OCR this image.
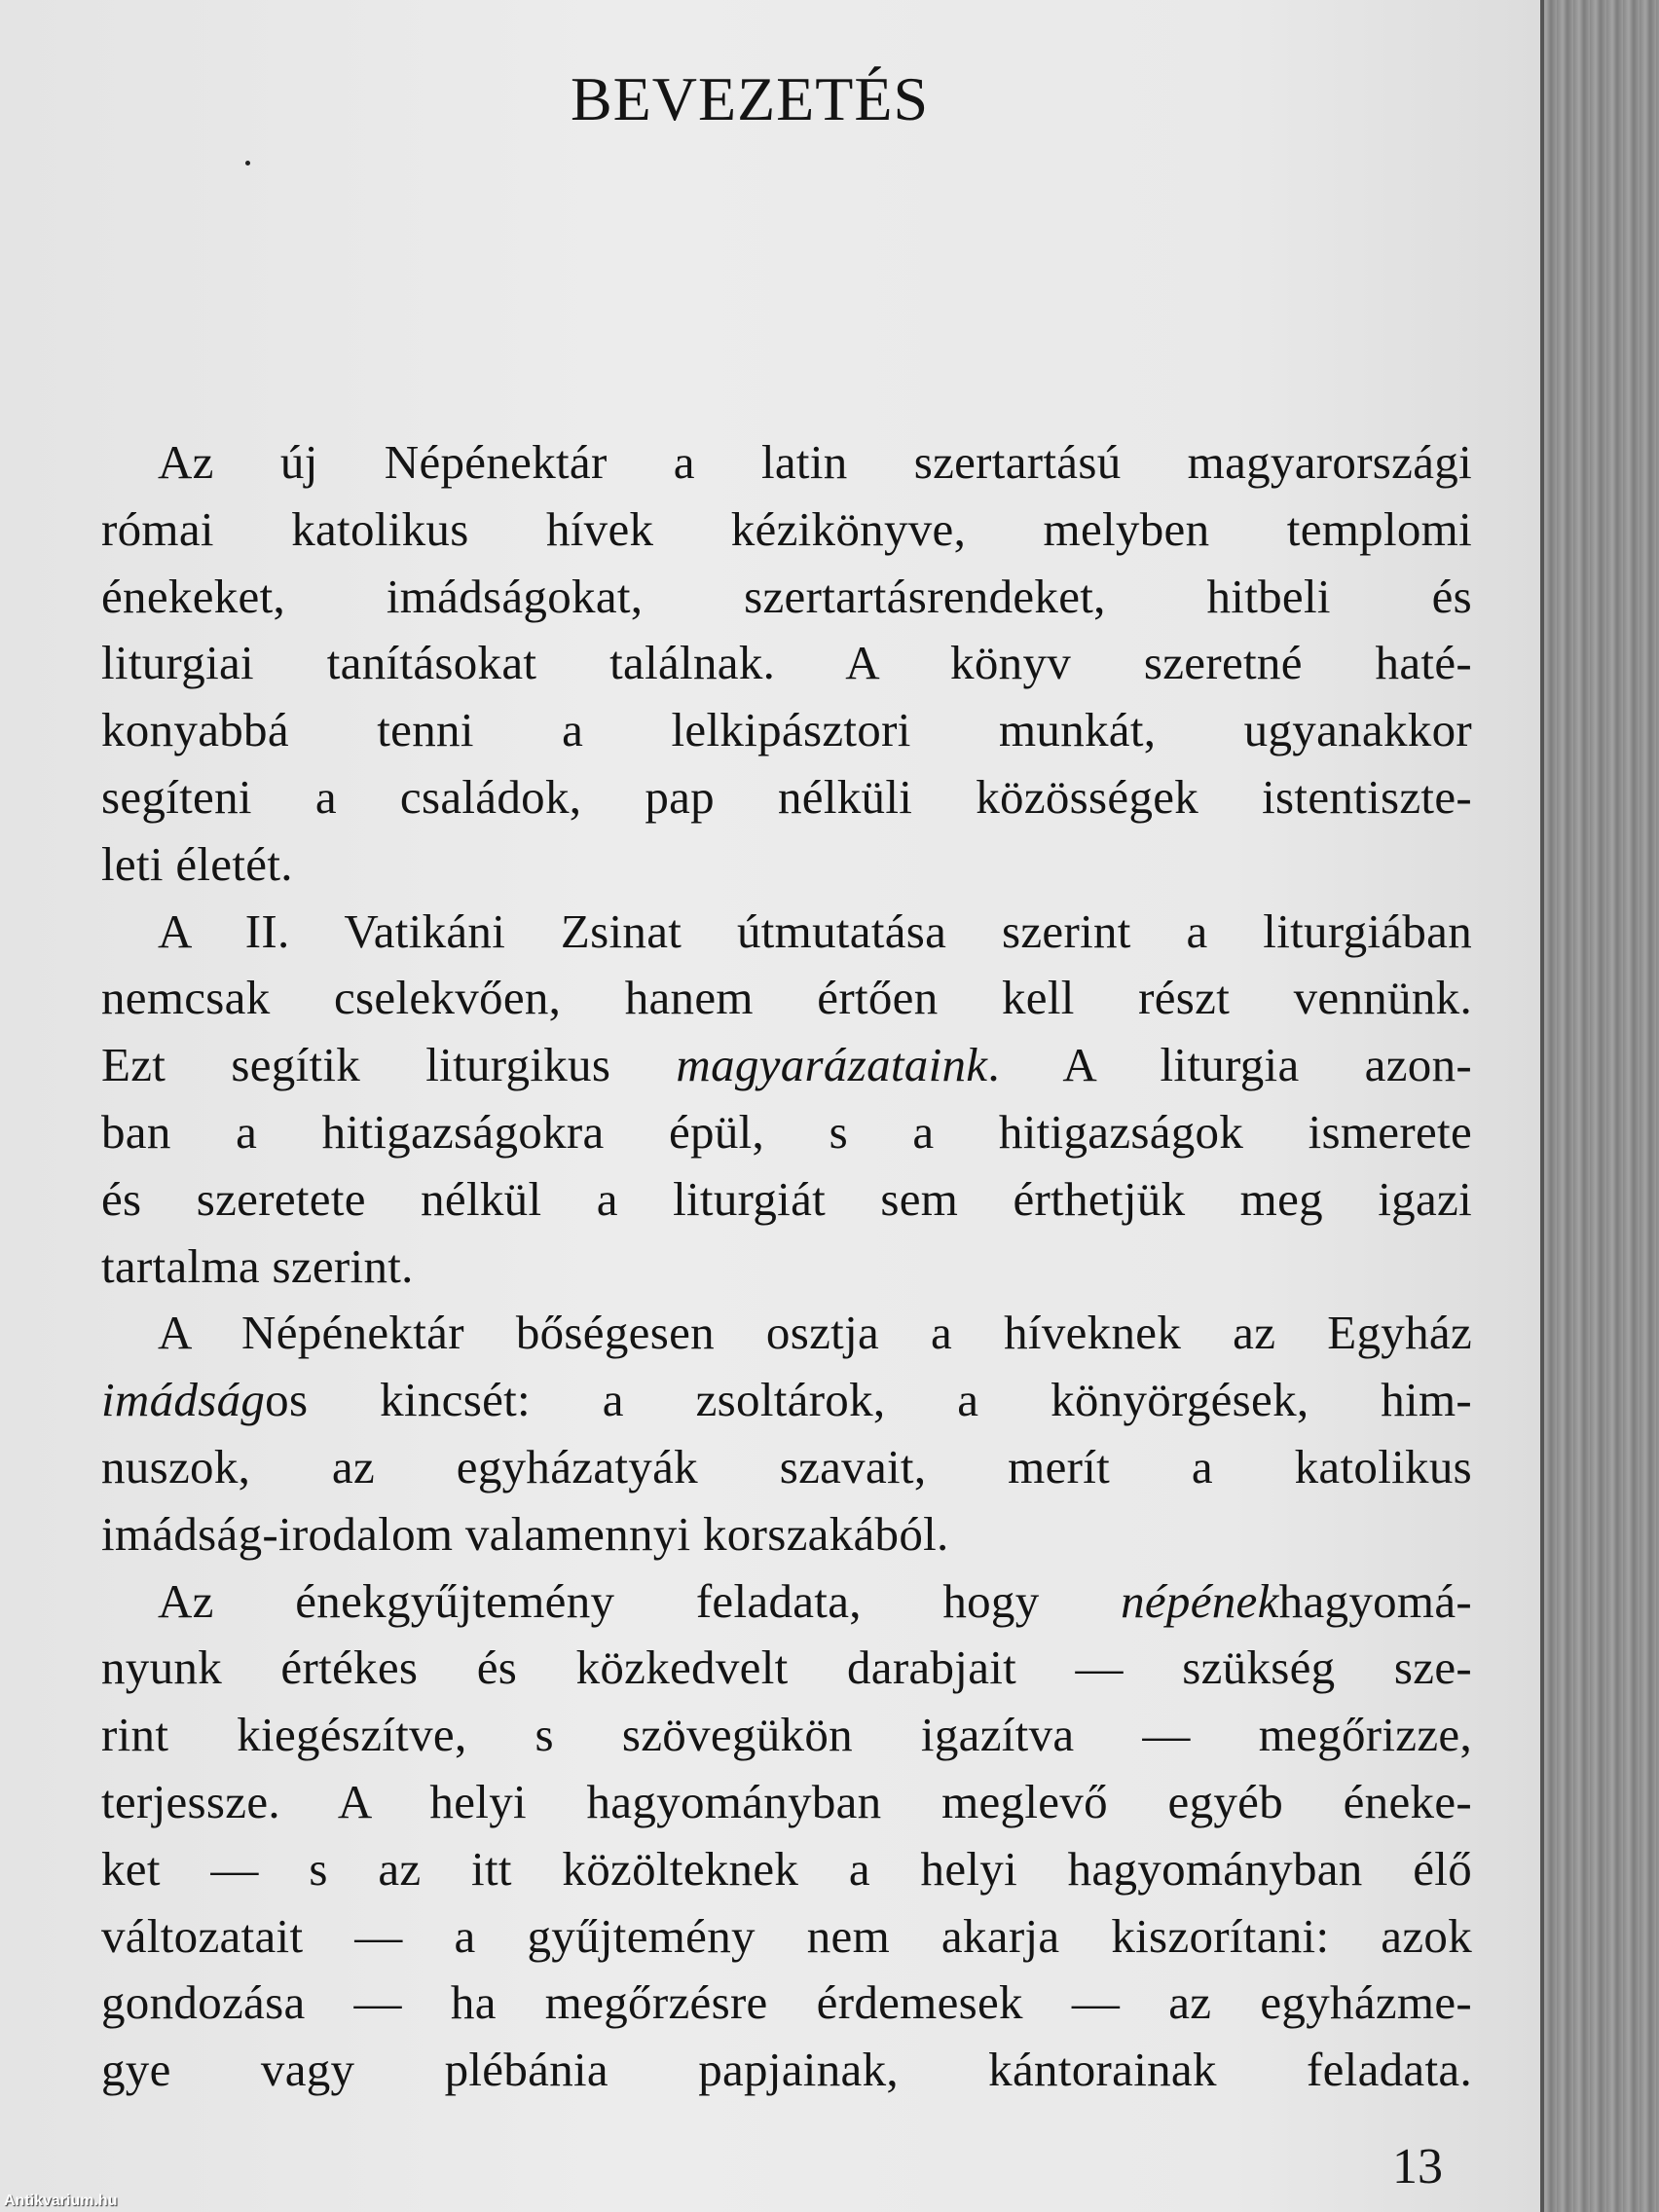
BEVEZETÉS
Az új Népénektár a latin szertartású magyarországi
római katolikus hívek kézikönyve, melyben templomi
énekeket, imádságokat, szertartásrendeket, hitbeli és
liturgiai tanításokat találnak. A könyv szeretné haté-
konyabbá tenni a lelkipásztori munkát, ugyanakkor
segíteni a családok, pap nélküli közösségek istentiszte-
leti életét.
A II. Vatikáni Zsinat útmutatása szerint a liturgiában
nemcsak cselekvően, hanem értően kell részt vennünk.
Ezt segítik liturgikus magyarázataink. A liturgia azon-
ban a hitigazságokra épül, s a hitigazságok ismerete
és szeretete nélkül a liturgiát sem érthetjük meg igazi
tartalma szerint.
A Népénektár bőségesen osztja a híveknek az Egyház
imádságos kincsét: a zsoltárok, a könyörgések, him-
nuszok, az egyházatyák szavait, merít a katolikus
imádság-irodalom valamennyi korszakából.
Az énekgyűjtemény feladata, hogy népénekhagyomá-
nyunk értékes és közkedvelt darabjait — szükség sze-
rint kiegészítve, s szövegükön igazítva — megőrizze,
terjessze. A helyi hagyományban meglevő egyéb éneke-
ket — s az itt közölteknek a helyi hagyományban élő
változatait — a gyűjtemény nem akarja kiszorítani: azok
gondozása — ha megőrzésre érdemesek — az egyházme-
gye vagy plébánia papjainak, kántorainak feladata.
13
Antikvarium.hu
